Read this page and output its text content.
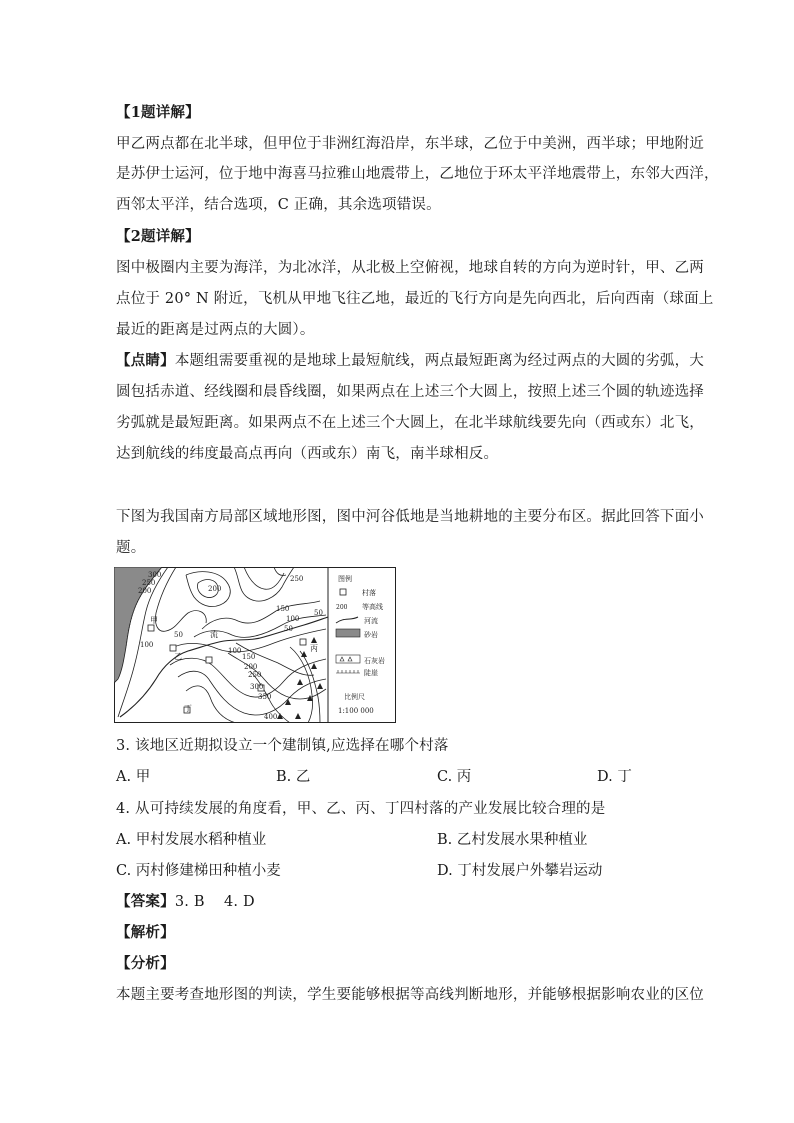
【1题详解】
甲乙两点都在北半球，但甲位于非洲红海沿岸，东半球，乙位于中美洲，西半球；甲地附近
是苏伊士运河，位于地中海喜马拉雅山地震带上，乙地位于环太平洋地震带上，东邻大西洋，
西邻太平洋，结合选项，C 正确，其余选项错误。
【2题详解】
图中极圈内主要为海洋，为北冰洋，从北极上空俯视，地球自转的方向为逆时针，甲、乙两
点位于 20° N 附近，飞机从甲地飞往乙地，最近的飞行方向是先向西北，后向西南（球面上
最近的距离是过两点的大圆）。
【点睛】本题组需要重视的是地球上最短航线，两点最短距离为经过两点的大圆的劣弧，大
圆包括赤道、经线圈和晨昏线圈，如果两点在上述三个大圆上，按照上述三个圆的轨迹选择
劣弧就是最短距离。如果两点不在上述三个大圆上，在北半球航线要先向（西或东）北飞，
达到航线的纬度最高点再向（西或东）南飞，南半球相反。
下图为我国南方局部区域地形图，图中河谷低地是当地耕地的主要分布区。据此回答下面小
题。
300
250
200	200
250
150
100
50
100
50
100
150
200
250
300
350
400
50
甲
乙
丙
丁
流
图例
村落
200 等高线
河流
砂岩
石灰岩
陡崖
比例尺
1:100 000
3. 该地区近期拟设立一个建制镇,应选择在哪个村落
A. 甲	B. 乙	C. 丙	D. 丁
4. 从可持续发展的角度看，甲、乙、丙、丁四村落的产业发展比较合理的是
A. 甲村发展水稻种植业	B. 乙村发展水果种植业
C. 丙村修建梯田种植小麦	D. 丁村发展户外攀岩运动
【答案】3. B    4. D
【解析】
【分析】
本题主要考查地形图的判读，学生要能够根据等高线判断地形，并能够根据影响农业的区位
